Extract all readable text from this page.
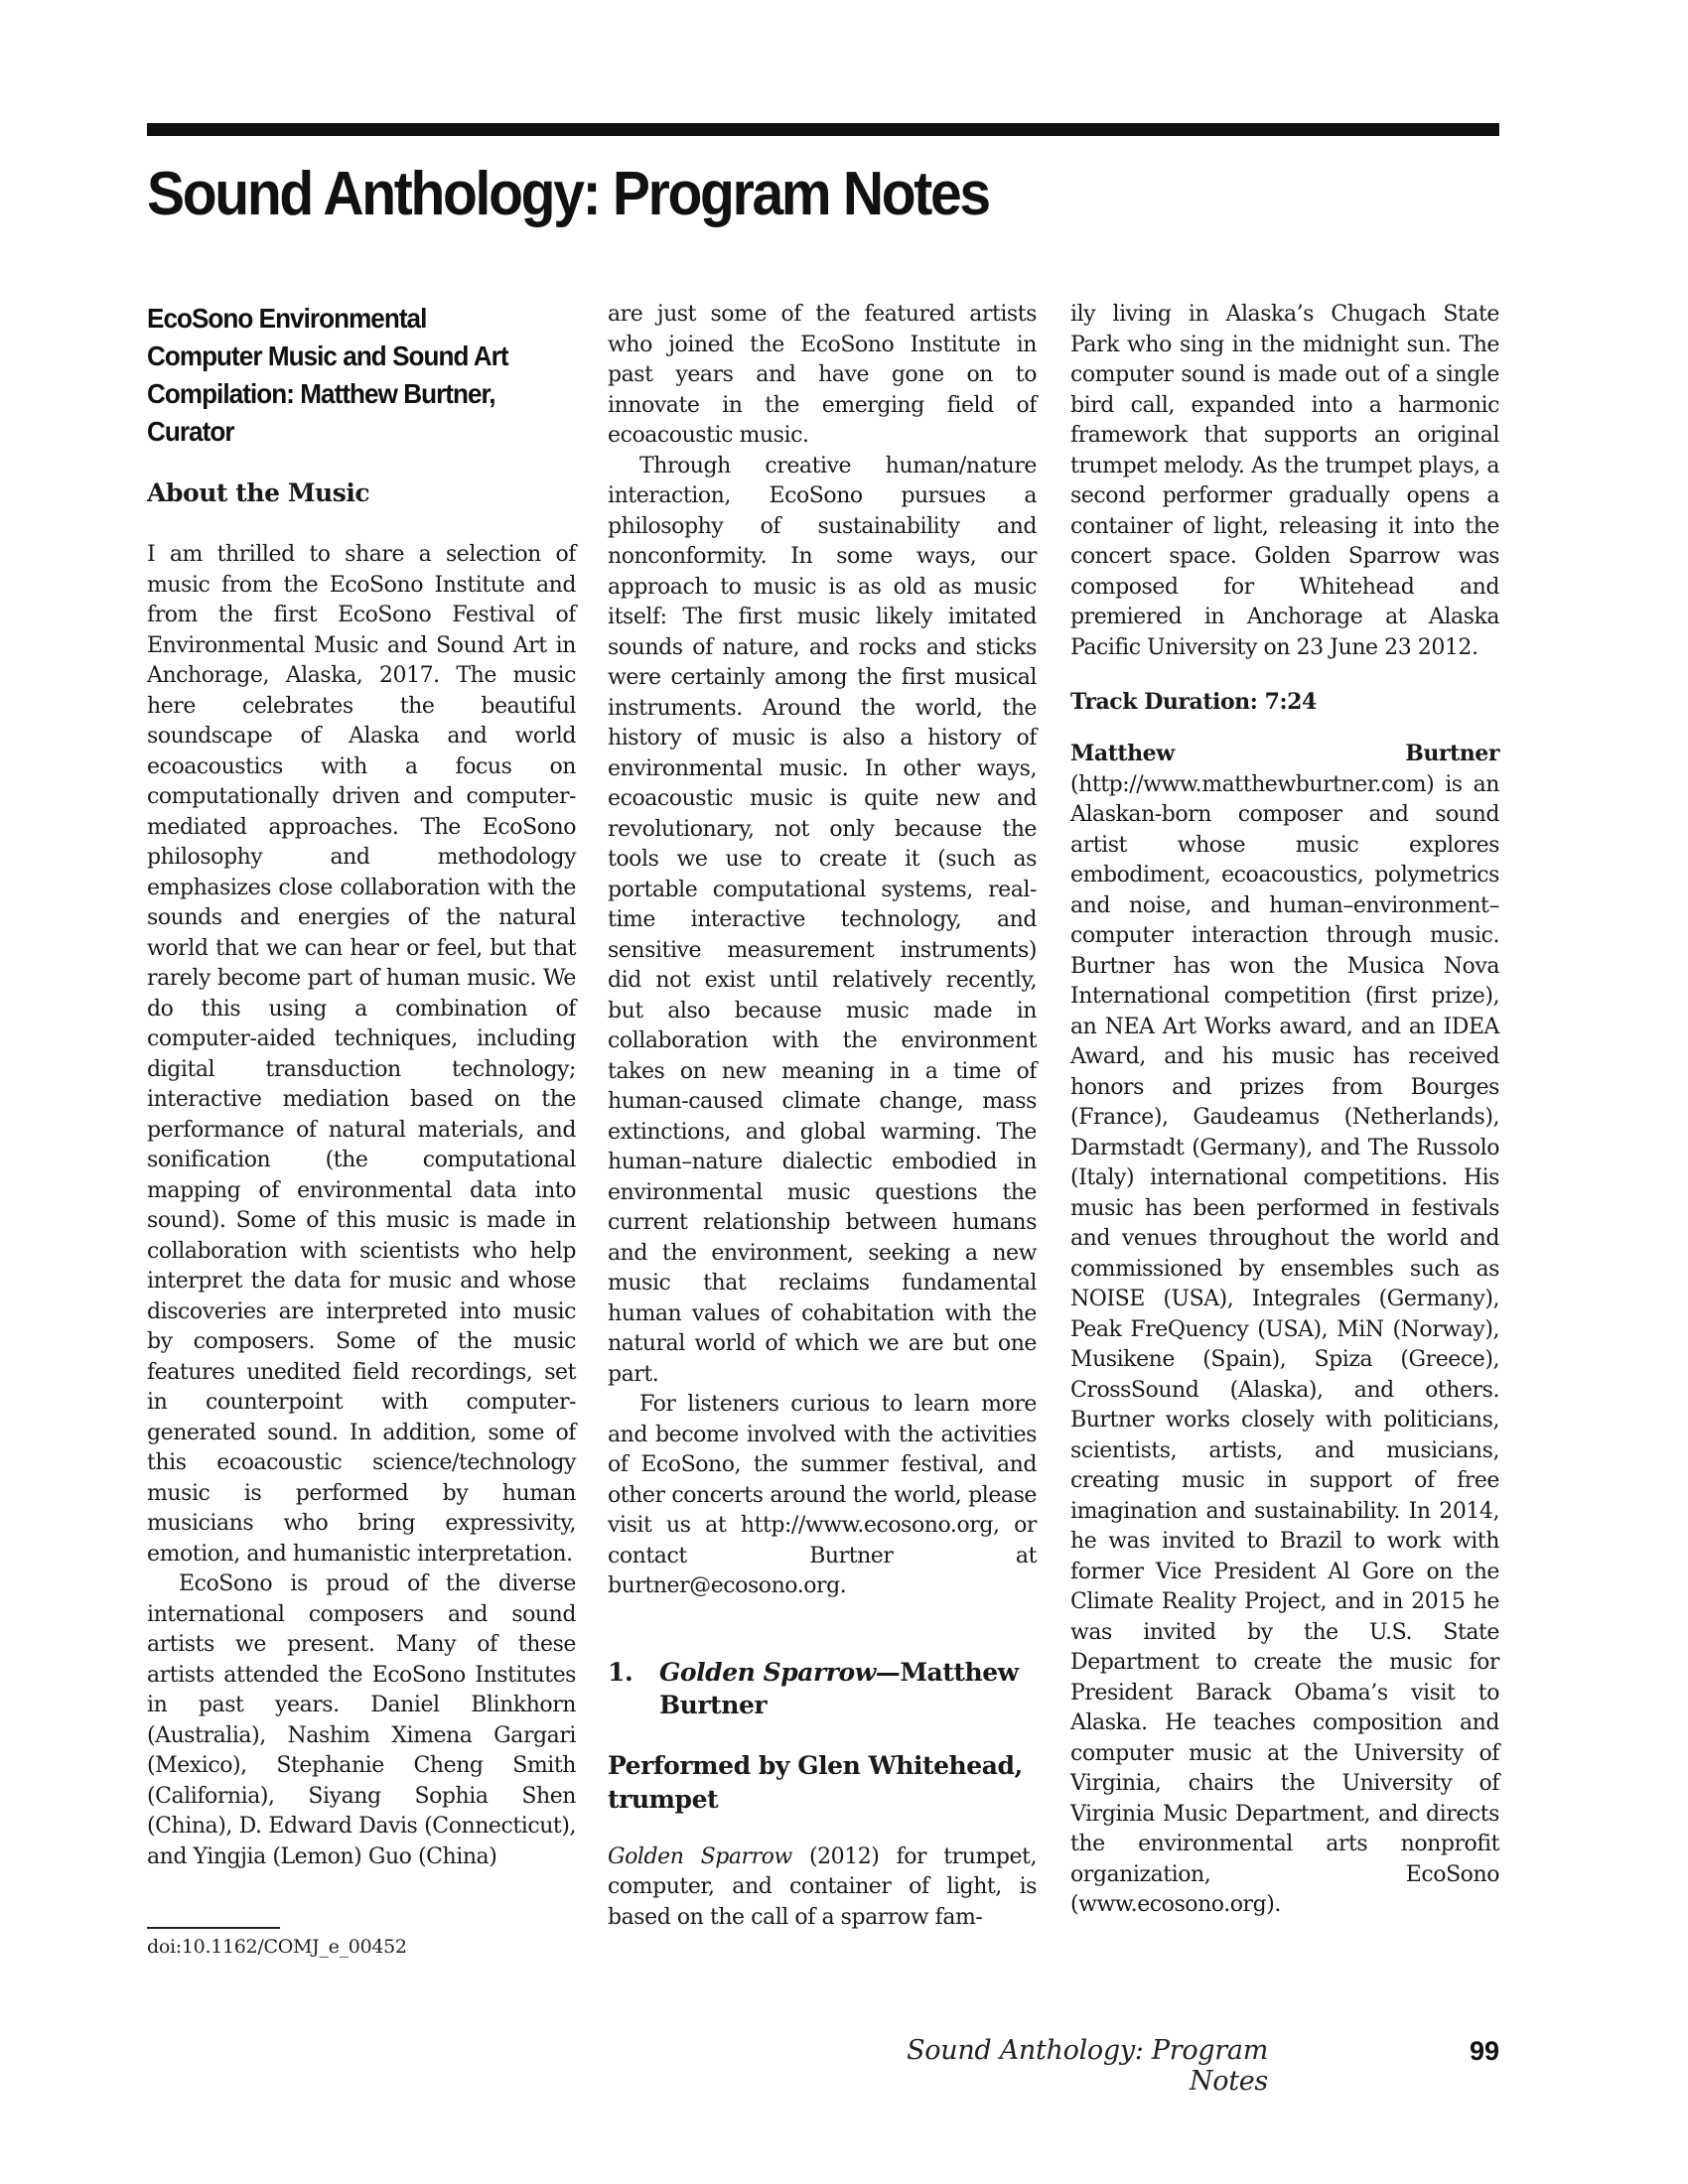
Sound Anthology: Program Notes
EcoSono Environmental Computer Music and Sound Art Compilation: Matthew Burtner, Curator
About the Music

I am thrilled to share a selection of music from the EcoSono Institute and from the first EcoSono Festival of Environmental Music and Sound Art in Anchorage, Alaska, 2017. The music here celebrates the beautiful soundscape of Alaska and world ecoacoustics with a focus on computationally driven and computer-mediated approaches. The EcoSono philosophy and methodology emphasizes close collaboration with the sounds and energies of the natural world that we can hear or feel, but that rarely become part of human music. We do this using a combination of computer-aided techniques, including digital transduction technology; interactive mediation based on the performance of natural materials, and sonification (the computational mapping of environmental data into sound). Some of this music is made in collaboration with scientists who help interpret the data for music and whose discoveries are interpreted into music by composers. Some of the music features unedited field recordings, set in counterpoint with computer-generated sound. In addition, some of this ecoacoustic science/technology music is performed by human musicians who bring expressivity, emotion, and humanistic interpretation.

EcoSono is proud of the diverse international composers and sound artists we present. Many of these artists attended the EcoSono Institutes in past years. Daniel Blinkhorn (Australia), Nashim Ximena Gargari (Mexico), Stephanie Cheng Smith (California), Siyang Sophia Shen (China), D. Edward Davis (Connecticut), and Yingjia (Lemon) Guo (China)

are just some of the featured artists who joined the EcoSono Institute in past years and have gone on to innovate in the emerging field of ecoacoustic music.

Through creative human/nature interaction, EcoSono pursues a philosophy of sustainability and nonconformity. In some ways, our approach to music is as old as music itself: The first music likely imitated sounds of nature, and rocks and sticks were certainly among the first musical instruments. Around the world, the history of music is also a history of environmental music. In other ways, ecoacoustic music is quite new and revolutionary, not only because the tools we use to create it (such as portable computational systems, real-time interactive technology, and sensitive measurement instruments) did not exist until relatively recently, but also because music made in collaboration with the environment takes on new meaning in a time of human-caused climate change, mass extinctions, and global warming. The human–nature dialectic embodied in environmental music questions the current relationship between humans and the environment, seeking a new music that reclaims fundamental human values of cohabitation with the natural world of which we are but one part.

For listeners curious to learn more and become involved with the activities of EcoSono, the summer festival, and other concerts around the world, please visit us at http://www.ecosono.org, or contact Burtner at burtner@ecosono.org.

1.	Golden Sparrow—Matthew Burtner
Performed by Glen Whitehead, trumpet

Golden Sparrow (2012) for trumpet, computer, and container of light, is based on the call of a sparrow fam-

ily living in Alaska’s Chugach State Park who sing in the midnight sun. The computer sound is made out of a single bird call, expanded into a harmonic framework that supports an original trumpet melody. As the trumpet plays, a second performer gradually opens a container of light, releasing it into the concert space. Golden Sparrow was composed for Whitehead and premiered in Anchorage at Alaska Pacific University on 23 June 23 2012.

Track Duration: 7:24

Matthew Burtner (http://www.matthewburtner.com) is an Alaskan-born composer and sound artist whose music explores embodiment, ecoacoustics, polymetrics and noise, and human–environment–computer interaction through music. Burtner has won the Musica Nova International competition (first prize), an NEA Art Works award, and an IDEA Award, and his music has received honors and prizes from Bourges (France), Gaudeamus (Netherlands), Darmstadt (Germany), and The Russolo (Italy) international competitions. His music has been performed in festivals and venues throughout the world and commissioned by ensembles such as NOISE (USA), Integrales (Germany), Peak FreQuency (USA), MiN (Norway), Musikene (Spain), Spiza (Greece), CrossSound (Alaska), and others. Burtner works closely with politicians, scientists, artists, and musicians, creating music in support of free imagination and sustainability. In 2014, he was invited to Brazil to work with former Vice President Al Gore on the Climate Reality Project, and in 2015 he was invited by the U.S. State Department to create the music for President Barack Obama’s visit to Alaska. He teaches composition and computer music at the University of Virginia, chairs the University of Virginia Music Department, and directs the environmental arts nonprofit organization, EcoSono (www.ecosono.org).

doi:10.1162/COMJ_e_00452
Sound Anthology: Program Notes
99
